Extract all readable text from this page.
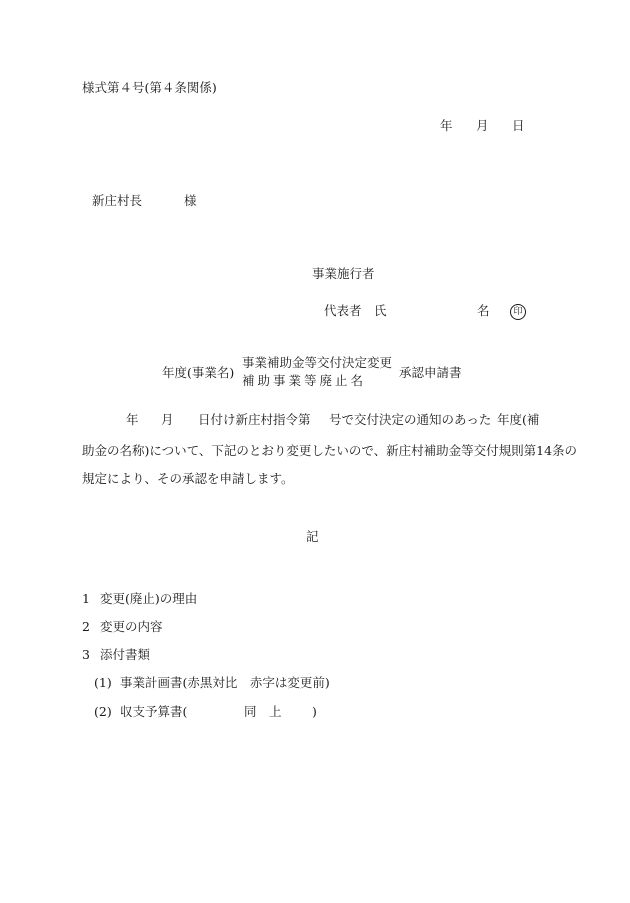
様式第４号(第４条関係)
年 月 日
新庄村長	様
事業施行者
代表者　氏	名	印
年度(事業名)
事業補助金等交付決定変更
補助事業等廃止名
承認申請書
年 月 日付け新庄村指令第 号で交付決定の通知のあった 年度(補
助金の名称)について、下記のとおり変更したいので、新庄村補助金等交付規則第14条の
規定により、その承認を申請します。
記
1 変更(廃止)の理由
2 変更の内容
3 添付書類
(1) 事業計画書(赤黒対比　赤字は変更前)
(2) 収支予算書(	同　上 )
